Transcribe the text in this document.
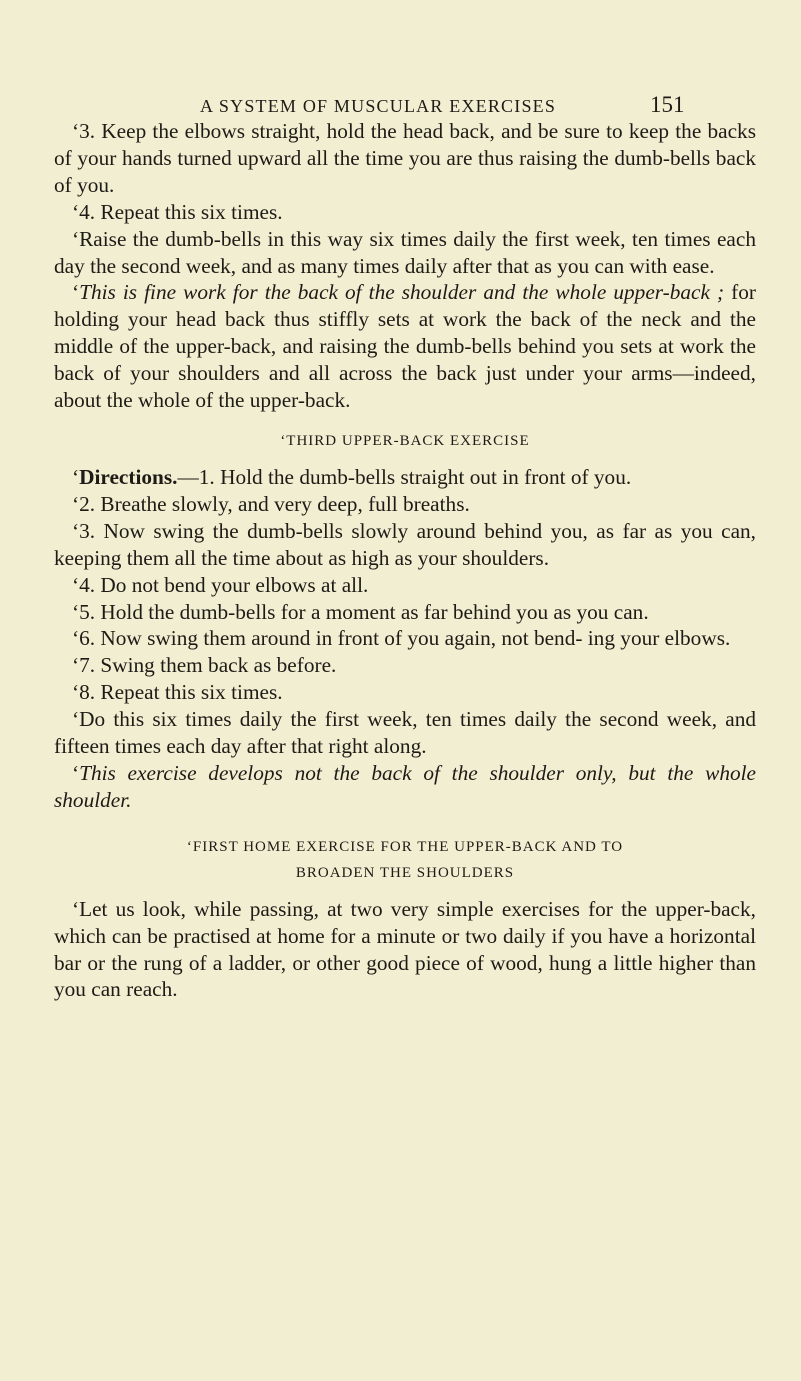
A SYSTEM OF MUSCULAR EXERCISES	151

‘3. Keep the elbows straight, hold the head back, and be sure to keep the backs of your hands turned upward all the time you are thus raising the dumb-bells back of you.

‘4. Repeat this six times.

‘Raise the dumb-bells in this way six times daily the first week, ten times each day the second week, and as many times daily after that as you can with ease.

‘This is fine work for the back of the shoulder and the whole upper-back ; for holding your head back thus stiffly sets at work the back of the neck and the middle of the upper-back, and raising the dumb-bells behind you sets at work the back of your shoulders and all across the back just under your arms—indeed, about the whole of the upper-back.

‘THIRD UPPER-BACK EXERCISE

‘Directions.—1. Hold the dumb-bells straight out in front of you.

‘2. Breathe slowly, and very deep, full breaths.

‘3. Now swing the dumb-bells slowly around behind you, as far as you can, keeping them all the time about as high as your shoulders.

‘4. Do not bend your elbows at all.

‘5. Hold the dumb-bells for a moment as far behind you as you can.

‘6. Now swing them around in front of you again, not bend- ing your elbows.

‘7. Swing them back as before.

‘8. Repeat this six times.

‘Do this six times daily the first week, ten times daily the second week, and fifteen times each day after that right along.

‘This exercise develops not the back of the shoulder only, but the whole shoulder.

‘FIRST HOME EXERCISE FOR THE UPPER-BACK AND TO
BROADEN THE SHOULDERS

‘Let us look, while passing, at two very simple exercises for the upper-back, which can be practised at home for a minute or two daily if you have a horizontal bar or the rung of a ladder, or other good piece of wood, hung a little higher than you can reach.
